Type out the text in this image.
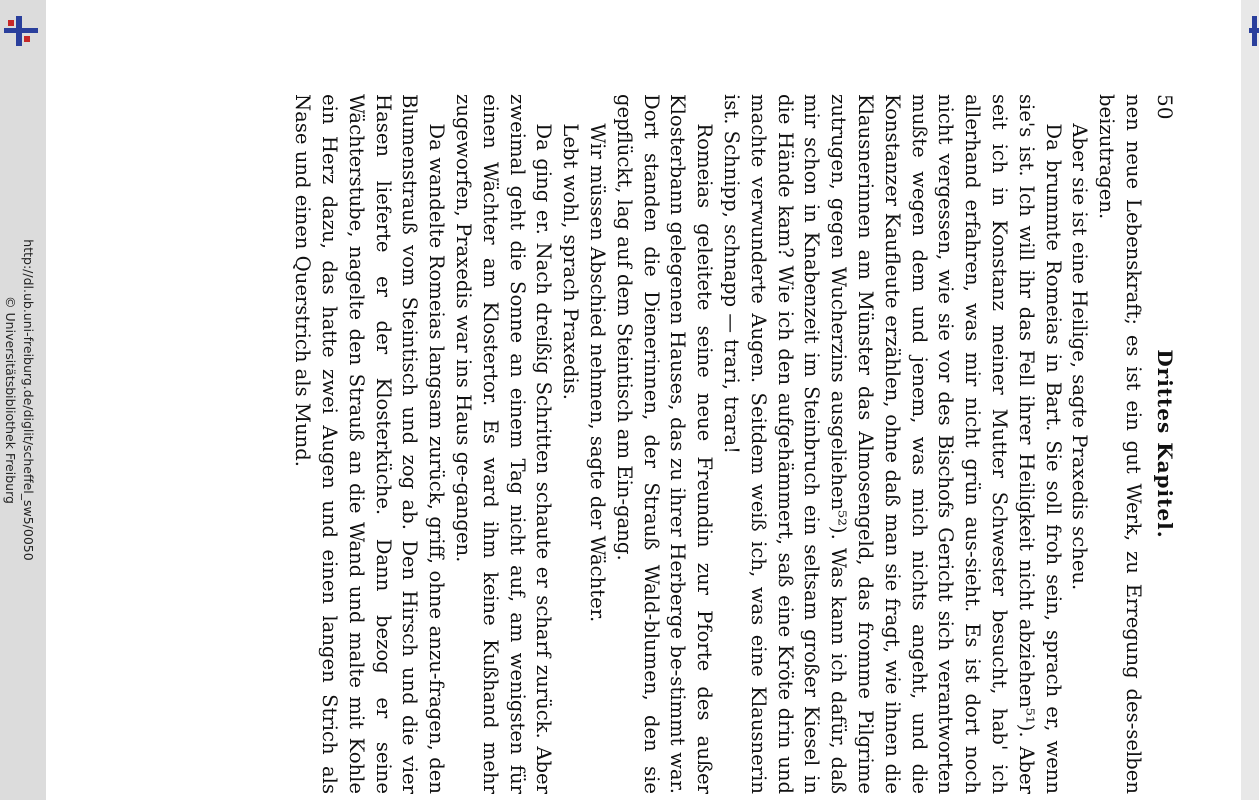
http://dl.ub.uni-freiburg.de/diglit/scheffel_sw5/0050
© Universitätsbibliothek Freiburg
50
Drittes Kapitel.

nen neue Lebenskraft; es ist ein gut Werk, zu Erregung des-selben beizutragen.

Aber sie ist eine Heilige, sagte Praxedis scheu.

Da brummte Romeias in Bart. Sie soll froh sein, sprach er, wenn sie's ist. Ich will ihr das Fell ihrer Heiligkeit nicht abziehen⁵¹). Aber seit ich in Konstanz meiner Mutter Schwester besucht, hab' ich allerhand erfahren, was mir nicht grün aus-sieht. Es ist dort noch nicht vergessen, wie sie vor des Bischofs Gericht sich verantworten mußte wegen dem und jenem, was mich nichts angeht, und die Konstanzer Kaufleute erzählen, ohne daß man sie fragt, wie ihnen die Klausnerinnen am Münster das Almosengeld, das fromme Pilgrime zutrugen, gegen Wucherzins ausgeliehen⁵²). Was kann ich dafür, daß mir schon in Knabenzeit im Steinbruch ein seltsam großer Kiesel in die Hände kam? Wie ich den aufgehämmert, saß eine Kröte drin und machte verwunderte Augen. Seitdem weiß ich, was eine Klausnerin ist. Schnipp, schnapp — trari, trara!

Romeias geleitete seine neue Freundin zur Pforte des außer Klosterbann gelegenen Hauses, das zu ihrer Herberge be-stimmt war. Dort standen die Dienerinnen, der Strauß Wald-blumen, den sie gepflückt, lag auf dem Steintisch am Ein-gang.

Wir müssen Abschied nehmen, sagte der Wächter.

Lebt wohl, sprach Praxedis.

Da ging er. Nach dreißig Schritten schaute er scharf zurück. Aber zweimal geht die Sonne an einem Tag nicht auf, am wenigsten für einen Wächter am Klostertor. Es ward ihm keine Kußhand mehr zugeworfen, Praxedis war ins Haus ge-gangen.

Da wandelte Romeias langsam zurück, griff, ohne anzu-fragen, den Blumenstrauß vom Steintisch und zog ab. Den Hirsch und die vier Hasen lieferte er der Klosterküche. Dann bezog er seine Wächterstube, nagelte den Strauß an die Wand und malte mit Kohle ein Herz dazu, das hatte zwei Augen und einen langen Strich als Nase und einen Querstrich als Mund.
